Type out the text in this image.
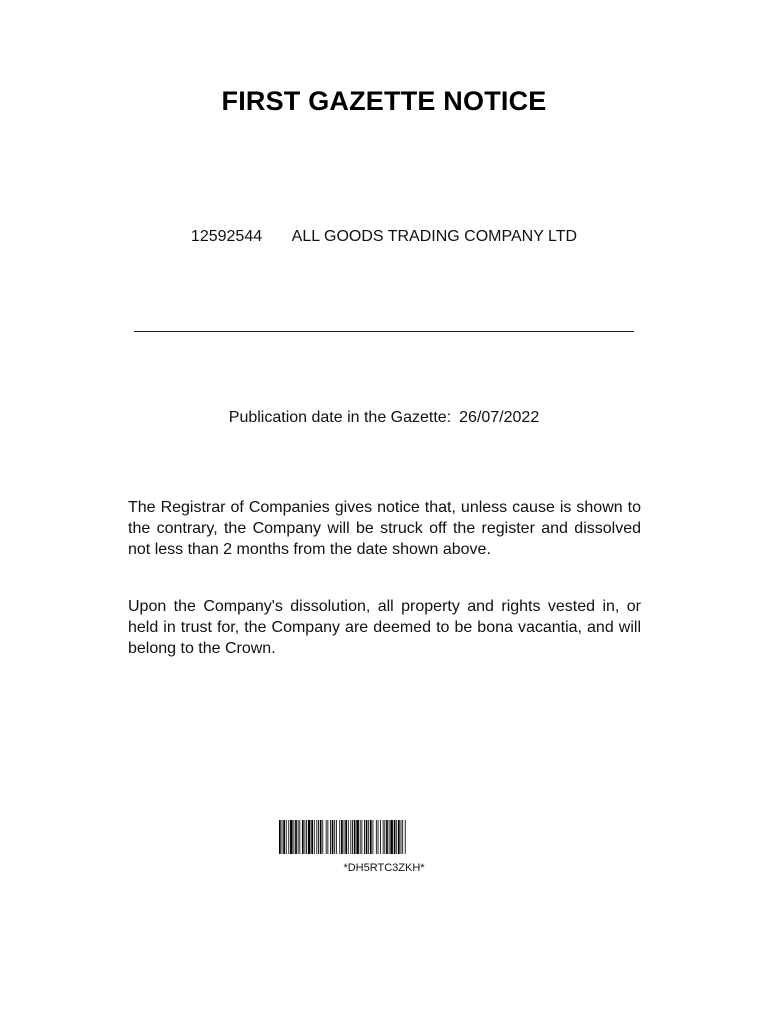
FIRST GAZETTE NOTICE
12592544 ALL GOODS TRADING COMPANY LTD
Publication date in the Gazette: 26/07/2022
The Registrar of Companies gives notice that, unless cause is shown to the contrary, the Company will be struck off the register and dissolved not less than 2 months from the date shown above.
Upon the Company's dissolution, all property and rights vested in, or held in trust for, the Company are deemed to be bona vacantia, and will belong to the Crown.
*DH5RTC3ZKH*
